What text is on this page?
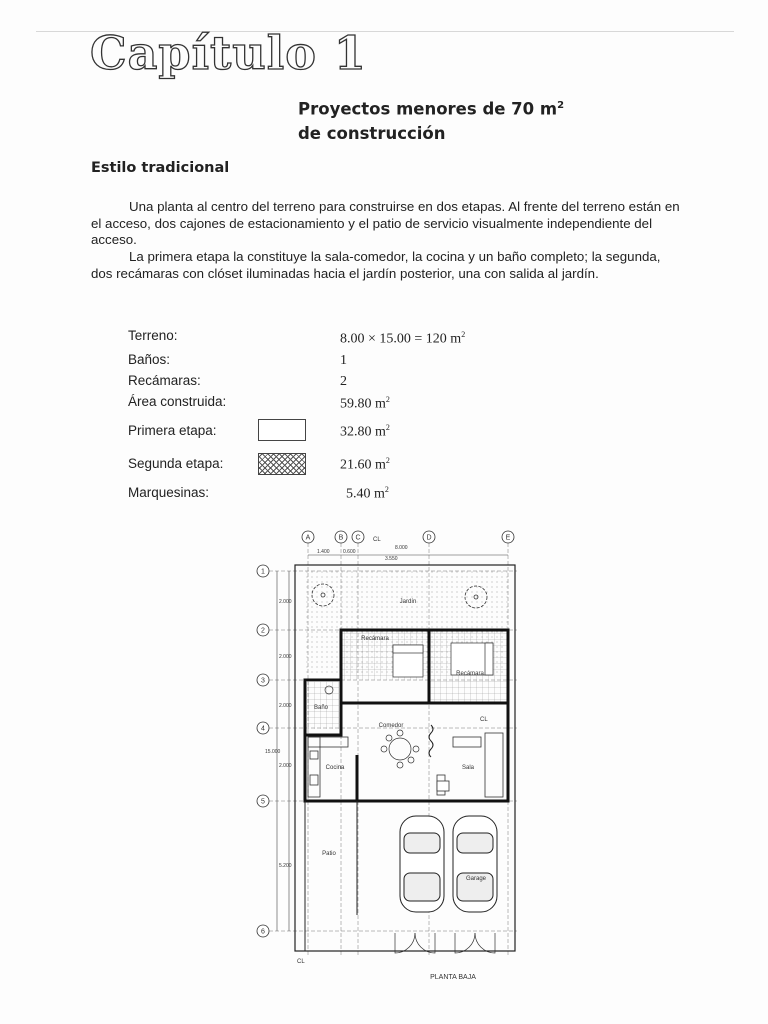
Capítulo 1
Proyectos menores de 70 $m^2$
de construcción
Estilo tradicional

Una planta al centro del terreno para construirse en dos etapas. Al frente del terreno están en el acceso, dos cajones de estacionamiento y el patio de servicio visualmente independiente del acceso.

La primera etapa la constituye la sala-comedor, la cocina y un baño completo; la segunda, dos recámaras con clóset iluminadas hacia el jardín posterior, una con salida al jardín.

Terreno:	8.00 × 15.00 = 120 $m^2$
Baños:	1
Recámaras:	2
Área construida:	59.80 $m^2$
Primera etapa:	32.80 $m^2$
Segunda etapa:	21.60 $m^2$
Marquesinas:	5.40 $m^2$
A	B C	D	E
CL
1.400	0.600
8.000
3.550
1
2
3
4
5
6
2.000
2.000
2.000
2.000
5.200
15.000
Jardín
Recámara
Recámara
Baño
CL
Comedor
Cocina	Sala
Patio
Garage
CL
PLANTA BAJA
